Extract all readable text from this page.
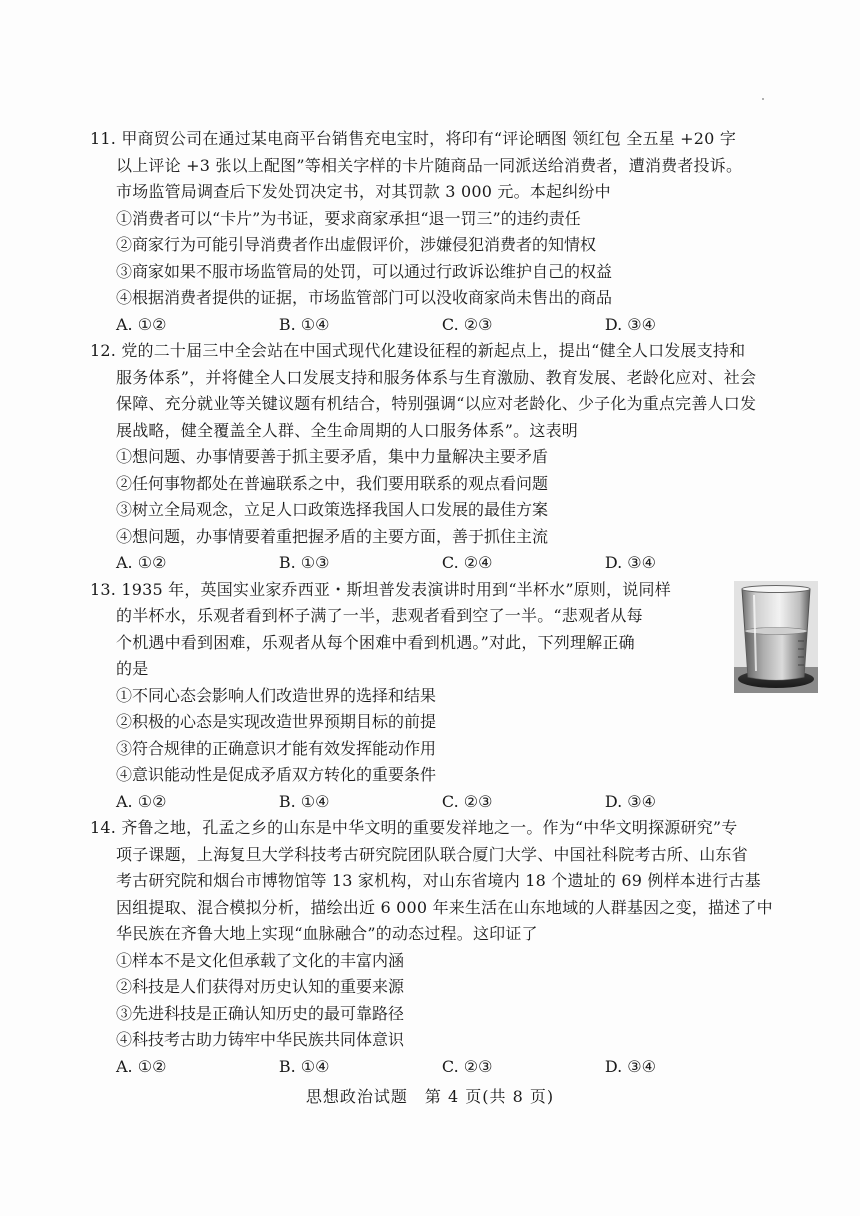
11. 甲商贸公司在通过某电商平台销售充电宝时，将印有“评论晒图 领红包 全五星 +20 字
以上评论 +3 张以上配图”等相关字样的卡片随商品一同派送给消费者，遭消费者投诉。
市场监管局调查后下发处罚决定书，对其罚款 3 000 元。本起纠纷中
①消费者可以“卡片”为书证，要求商家承担“退一罚三”的违约责任
②商家行为可能引导消费者作出虚假评价，涉嫌侵犯消费者的知情权
③商家如果不服市场监管局的处罚，可以通过行政诉讼维护自己的权益
④根据消费者提供的证据，市场监管部门可以没收商家尚未售出的商品
A. ①②	B. ①④	C. ②③	D. ③④
12. 党的二十届三中全会站在中国式现代化建设征程的新起点上，提出“健全人口发展支持和
服务体系”，并将健全人口发展支持和服务体系与生育激励、教育发展、老龄化应对、社会
保障、充分就业等关键议题有机结合，特别强调“以应对老龄化、少子化为重点完善人口发
展战略，健全覆盖全人群、全生命周期的人口服务体系”。这表明
①想问题、办事情要善于抓主要矛盾，集中力量解决主要矛盾
②任何事物都处在普遍联系之中，我们要用联系的观点看问题
③树立全局观念，立足人口政策选择我国人口发展的最佳方案
④想问题，办事情要着重把握矛盾的主要方面，善于抓住主流
A. ①②	B. ①③	C. ②④	D. ③④
13. 1935 年，英国实业家乔西亚・斯坦普发表演讲时用到“半杯水”原则，说同样
的半杯水，乐观者看到杯子满了一半，悲观者看到空了一半。“悲观者从每
个机遇中看到困难，乐观者从每个困难中看到机遇。”对此，下列理解正确
的是
①不同心态会影响人们改造世界的选择和结果
②积极的心态是实现改造世界预期目标的前提
③符合规律的正确意识才能有效发挥能动作用
④意识能动性是促成矛盾双方转化的重要条件
A. ①②	B. ①④	C. ②③	D. ③④
14. 齐鲁之地，孔孟之乡的山东是中华文明的重要发祥地之一。作为“中华文明探源研究”专
项子课题，上海复旦大学科技考古研究院团队联合厦门大学、中国社科院考古所、山东省
考古研究院和烟台市博物馆等 13 家机构，对山东省境内 18 个遗址的 69 例样本进行古基
因组提取、混合模拟分析，描绘出近 6 000 年来生活在山东地域的人群基因之变，描述了中
华民族在齐鲁大地上实现“血脉融合”的动态过程。这印证了
①样本不是文化但承载了文化的丰富内涵
②科技是人们获得对历史认知的重要来源
③先进科技是正确认知历史的最可靠路径
④科技考古助力铸牢中华民族共同体意识
A. ①②	B. ①④	C. ②③	D. ③④
思想政治试题　第 4 页(共 8 页)
